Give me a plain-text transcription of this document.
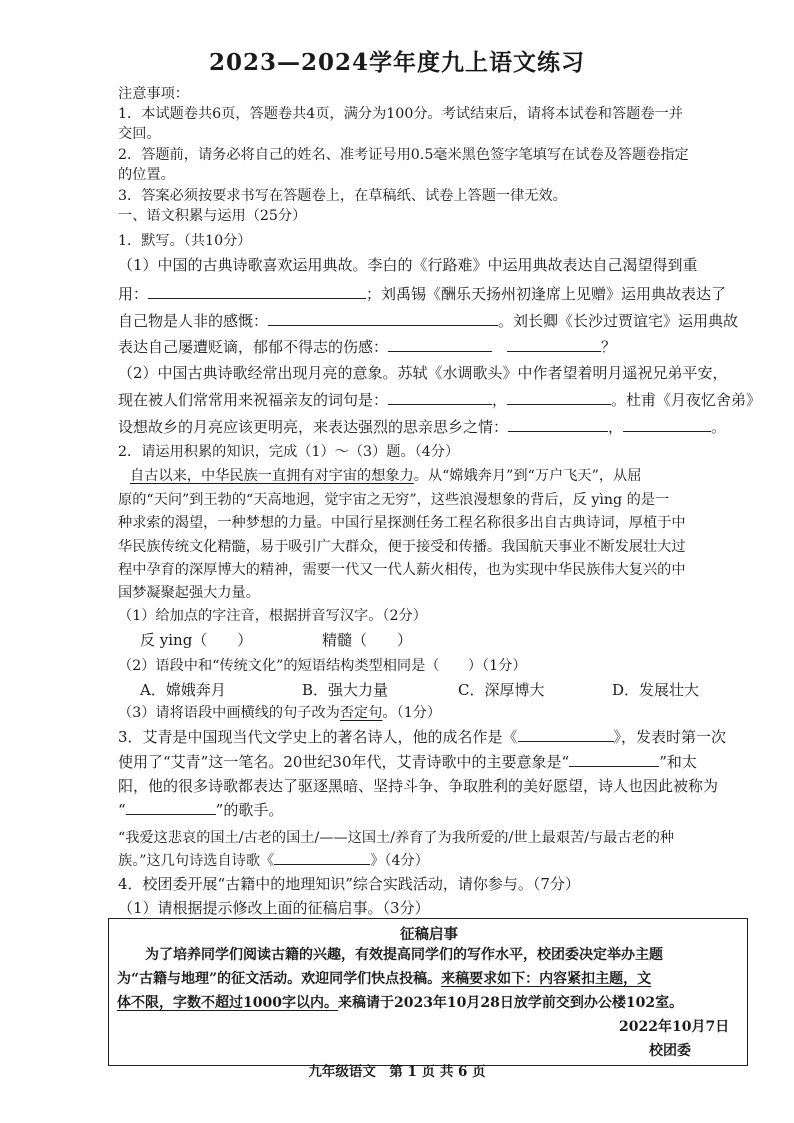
2023—2024学年度九上语文练习
注意事项：
1．本试题卷共6页，答题卷共4页，满分为100分。考试结束后，请将本试卷和答题卷一并
交回。
2．答题前，请务必将自己的姓名、准考证号用0.5毫米黑色签字笔填写在试卷及答题卷指定
的位置。
3．答案必须按要求书写在答题卷上，在草稿纸、试卷上答题一律无效。
一、语文积累与运用（25分）
1．默写。（共10分）
（1）中国的古典诗歌喜欢运用典故。李白的《行路难》中运用典故表达自己渴望得到重
用：	；刘禹锡《酬乐天扬州初逢席上见赠》运用典故表达了
自己物是人非的感慨：	。刘长卿《长沙过贾谊宅》运用典故
表达自己屡遭贬谪，郁郁不得志的伤感：　	？
（2）中国古典诗歌经常出现月亮的意象。苏轼《水调歌头》中作者望着明月遥祝兄弟平安，
现在被人们常常用来祝福亲友的词句是：	，	。杜甫《月夜忆舍弟》
设想故乡的月亮应该更明亮，来表达强烈的思亲思乡之情：	，	。
2．请运用积累的知识，完成（1）～（3）题。（4分）
自古以来，中华民族一直拥有对宇宙的想象力。从“嫦娥奔月”到“万户飞天”，从屈
原的“天问”到王勃的“天高地迥，觉宇宙之无穷”，这些浪漫想象的背后，反 yìng 的是一
种求索的渴望，一种梦想的力量。中国行星探测任务工程名称很多出自古典诗词，厚植于中
华民族传统文化精髓，易于吸引广大群众，便于接受和传播。我国航天事业不断发展壮大过
程中孕育的深厚博大的精神，需要一代又一代人薪火相传，也为实现中华民族伟大复兴的中
国梦凝聚起强大力量。
（1）给加点的字注音，根据拼音写汉字。（2分）
反 ying（　　）	精髓（　　）
（2）语段中和“传统文化”的短语结构类型相同是（　　）（1分）
A．嫦娥奔月	B．强大力量	C．深厚博大	D．发展壮大
（3）请将语段中画横线的句子改为否定句。（1分）
3．艾青是中国现当代文学史上的著名诗人，他的成名作是《	》，发表时第一次
使用了“艾青”这一笔名。20世纪30年代，艾青诗歌中的主要意象是“	”和太
阳，他的很多诗歌都表达了驱逐黑暗、坚持斗争、争取胜利的美好愿望，诗人也因此被称为
“	”的歌手。
“我爱这悲哀的国土/古老的国土/——这国土/养育了为我所爱的/世上最艰苦/与最古老的种
族。”这几句诗选自诗歌《	》（4分）
4．校团委开展“古籍中的地理知识”综合实践活动，请你参与。（7分）
（1）请根据提示修改上面的征稿启事。（3分）
征稿启事
为了培养同学们阅读古籍的兴趣，有效提高同学们的写作水平，校团委决定举办主题
为“古籍与地理”的征文活动。欢迎同学们快点投稿。来稿要求如下：内容紧扣主题，文
体不限，字数不超过1000字以内。来稿请于2023年10月28日放学前交到办公楼102室。
2022年10月7日
校团委
九年级语文　第 1 页 共 6 页
